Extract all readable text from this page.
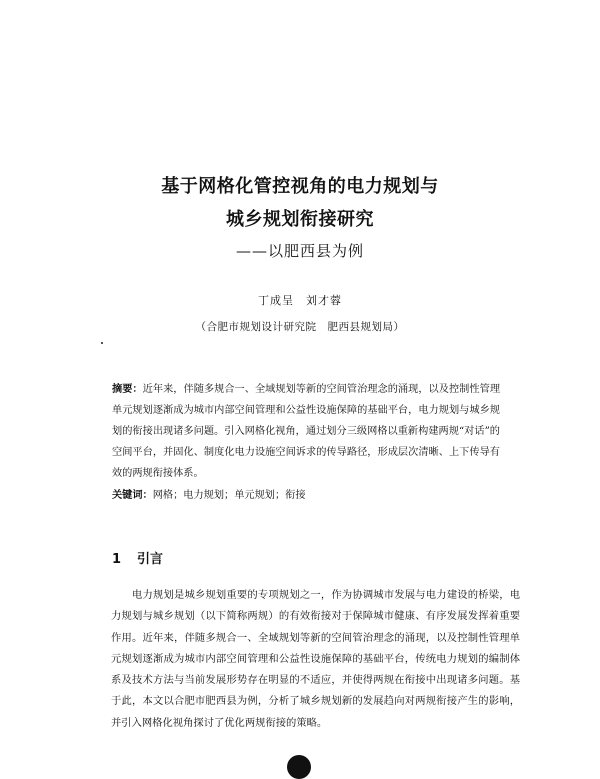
基于网格化管控视角的电力规划与
城乡规划衔接研究
——以肥西县为例
丁成呈　刘才蓉
（合肥市规划设计研究院　肥西县规划局）
摘要：近年来，伴随多规合一、全域规划等新的空间管治理念的涌现，以及控制性管理单元规划逐渐成为城市内部空间管理和公益性设施保障的基础平台，电力规划与城乡规划的衔接出现诸多问题。引入网格化视角，通过划分三级网格以重新构建两规“对话”的空间平台，并固化、制度化电力设施空间诉求的传导路径，形成层次清晰、上下传导有效的两规衔接体系。
关键词：网格；电力规划；单元规划；衔接
1 引言
电力规划是城乡规划重要的专项规划之一，作为协调城市发展与电力建设的桥梁，电力规划与城乡规划（以下简称两规）的有效衔接对于保障城市健康、有序发展发挥着重要作用。近年来，伴随多规合一、全域规划等新的空间管治理念的涌现，以及控制性管理单元规划逐渐成为城市内部空间管理和公益性设施保障的基础平台，传统电力规划的编制体系及技术方法与当前发展形势存在明显的不适应，并使得两规在衔接中出现诸多问题。基于此，本文以合肥市肥西县为例，分析了城乡规划新的发展趋向对两规衔接产生的影响，并引入网格化视角探讨了优化两规衔接的策略。
